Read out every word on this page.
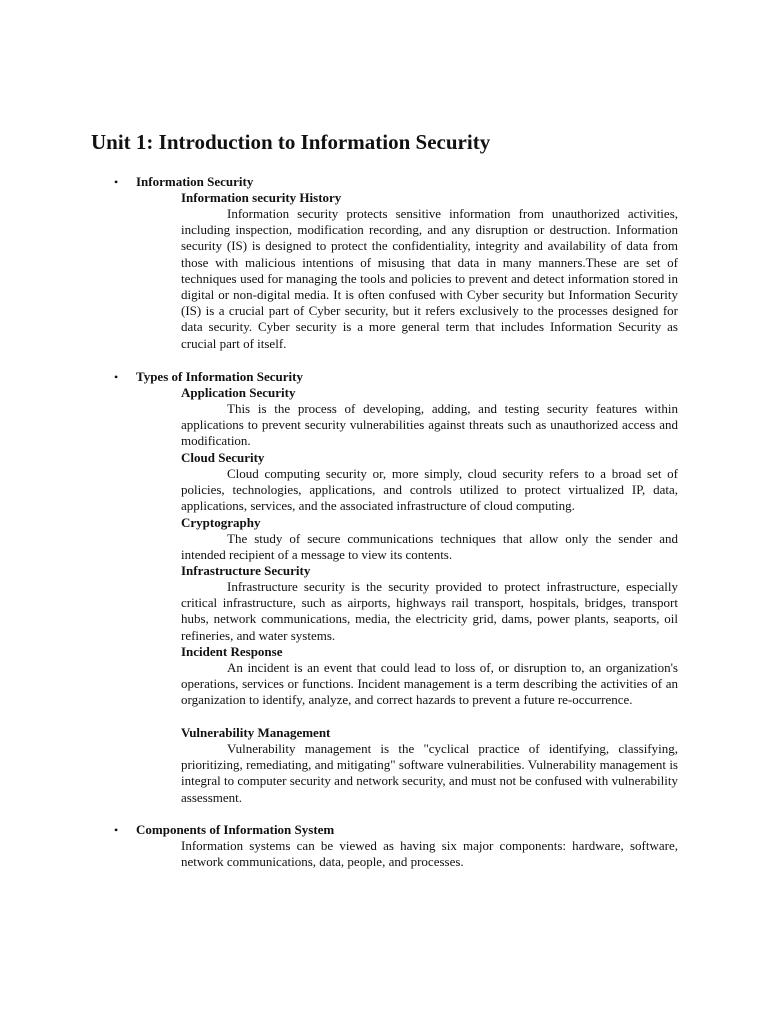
Unit 1: Introduction to Information Security
• Information Security
Information security History

Information security protects sensitive information from unauthorized activities, including inspection, modification recording, and any disruption or destruction. Information security (IS) is designed to protect the confidentiality, integrity and availability of data from those with malicious intentions of misusing that data in many manners.These are set of techniques used for managing the tools and policies to prevent and detect information stored in digital or non-digital media. It is often confused with Cyber security but Information Security (IS) is a crucial part of Cyber security, but it refers exclusively to the processes designed for data security. Cyber security is a more general term that includes Information Security as crucial part of itself.

• Types of Information Security
Application Security

This is the process of developing, adding, and testing security features within applications to prevent security vulnerabilities against threats such as unauthorized access and modification.

Cloud Security

Cloud computing security or, more simply, cloud security refers to a broad set of policies, technologies, applications, and controls utilized to protect virtualized IP, data, applications, services, and the associated infrastructure of cloud computing.

Cryptography

The study of secure communications techniques that allow only the sender and intended recipient of a message to view its contents.

Infrastructure Security

Infrastructure security is the security provided to protect infrastructure, especially critical infrastructure, such as airports, highways rail transport, hospitals, bridges, transport hubs, network communications, media, the electricity grid, dams, power plants, seaports, oil refineries, and water systems.

Incident Response

An incident is an event that could lead to loss of, or disruption to, an organization's operations, services or functions. Incident management is a term describing the activities of an organization to identify, analyze, and correct hazards to prevent a future re-occurrence.

Vulnerability Management

Vulnerability management is the "cyclical practice of identifying, classifying, prioritizing, remediating, and mitigating" software vulnerabilities. Vulnerability management is integral to computer security and network security, and must not be confused with vulnerability assessment.

• Components of Information System

Information systems can be viewed as having six major components: hardware, software, network communications, data, people, and processes.
